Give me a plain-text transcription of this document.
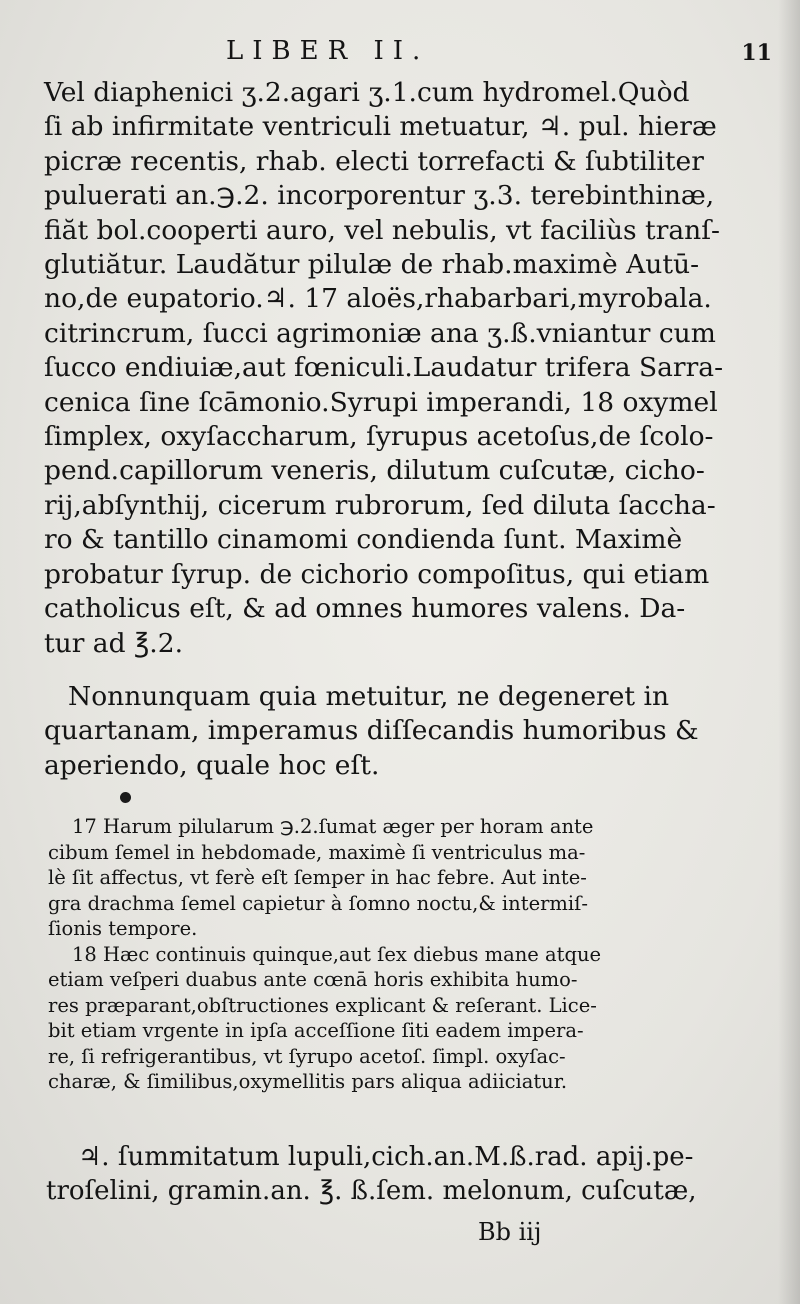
LIBER II.	11
Vel diaphenici ʒ.2.agari ʒ.1.cum hydromel.Quòd
ſi ab infirmitate ventriculi metuatur, ♃. pul. hieræ
picræ recentis, rhab. electi torrefacti & ſubtiliter
puluerati an.℈.2. incorporentur ʒ.3. terebinthinæ,
fiăt bol.cooperti auro, vel nebulis, vt faciliùs tranſ-
glutiătur. Laudătur pilulæ de rhab.maximè Autū-
no,de eupatorio.♃. 17 aloës,rhabarbari,myrobala.
citrincrum, ſucci agrimoniæ ana ʒ.ß.vniantur cum
ſucco endiuiæ,aut fœniculi.Laudatur trifera Sarra-
cenica ſine ſcāmonio.Syrupi imperandi, 18 oxymel
ſimplex, oxyſaccharum, ſyrupus acetoſus,de ſcolo-
pend.capillorum veneris, dilutum cuſcutæ, cicho-
rij,abſynthij, cicerum rubrorum, ſed diluta ſaccha-
ro & tantillo cinamomi condienda ſunt. Maximè
probatur ſyrup. de cichorio compoſitus, qui etiam
catholicus eſt, & ad omnes humores valens. Da-
tur ad ℥.2.
Nonnunquam quia metuitur, ne degeneret in
quartanam, imperamus diſſecandis humoribus &
aperiendo, quale hoc eſt.
17 Harum pilularum ℈.2.ſumat æger per horam ante
cibum ſemel in hebdomade, maximè ſi ventriculus ma-
lè ſit affectus, vt ferè eſt ſemper in hac febre. Aut inte-
gra drachma ſemel capietur à ſomno noctu,& intermiſ-
ſionis tempore.
18 Hæc continuis quinque,aut ſex diebus mane atque
etiam veſperi duabus ante cœnā horis exhibita humo-
res præparant,obſtructiones explicant & reſerant. Lice-
bit etiam vrgente in ipſa acceſſione ſiti eadem impera-
re, ſi refrigerantibus, vt ſyrupo acetoſ. ſimpl. oxyſac-
charæ, & ſimilibus,oxymellitis pars aliqua adiiciatur.
♃. ſummitatum lupuli,cich.an.M.ß.rad. apij.pe-
troſelini, gramin.an. ℥. ß.ſem. melonum, cuſcutæ,
Bb iij
